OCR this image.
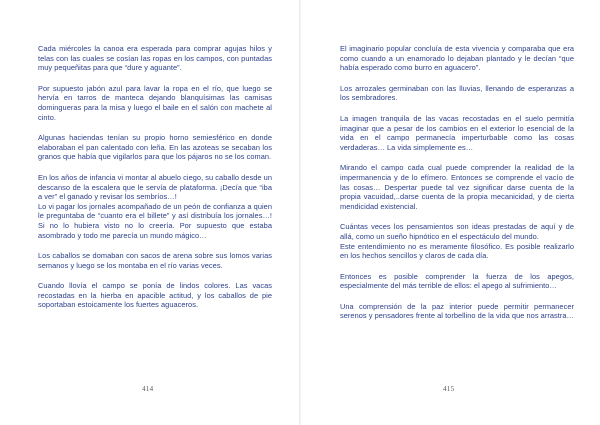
Cada miércoles la canoa era esperada para comprar agujas hilos y telas con las cuales se cosían las ropas en los campos, con puntadas muy pequeñitas para que “dure y aguante”.

Por supuesto jabón azul para lavar la ropa en el río, que luego se hervía en tarros de manteca dejando blanquísimas las camisas domingueras para la misa y luego el baile en el salón con machete al cinto.

Algunas haciendas tenían su propio horno semiesférico en donde elaboraban el pan calentado con leña. En las azoteas se secaban los granos que había que vigilarlos para que los pájaros no se los coman.

En los años de infancia vi montar al abuelo ciego, su caballo desde un descanso de la escalera que le servía de plataforma. ¡Decía que “iba a ver” el ganado y revisar los sembríos…!

Lo vi pagar los jornales acompañado de un peón de confianza a quien le preguntaba de “cuanto era el billete” y así distribuía los jornales…! Si no lo hubiera visto no lo creería. Por supuesto que estaba asombrado y todo me parecía un mundo mágico…

Los caballos se domaban con sacos de arena sobre sus lomos varias semanos y luego se los montaba en el río varias veces.

Cuando llovía el campo se ponía de lindos colores. Las vacas recostadas en la hierba en apacible actitud, y los caballos de pie soportaban estoicamente los fuertes aguaceros.

El imaginario popular concluía de esta vivencia y comparaba que era como cuando a un enamorado lo dejaban plantado y le decían “que había esperado como burro en aguacero”.

Los arrozales germinaban con las lluvias, llenando de esperanzas a los sembradores.

La imagen tranquila de las vacas recostadas en el suelo permitía imaginar que a pesar de los cambios en el exterior lo esencial de la vida en el campo permanecía imperturbable como las cosas verdaderas… La vida simplemente es…

Mirando el campo cada cual puede comprender la realidad de la impermanencia y de lo efímero. Entonces se comprende el vacío de las cosas… Despertar puede tal vez significar darse cuenta de la propia vacuidad,..darse cuenta de la propia mecanicidad, y de cierta mendicidad existencial.

Cuántas veces los pensamientos son ideas prestadas de aquí y de allá, como un sueño hipnótico en el espectáculo del mundo.

Este entendimiento no es meramente filosófico. Es posible realizarlo en los hechos sencillos y claros de cada día.

Entonces es posible comprender la fuerza de los apegos, especialmente del más terrible de ellos: el apego al sufrimiento…

Una comprensión de la paz interior puede permitir permanecer serenos y pensadores frente al torbellino de la vida que nos arrastra…

414	415
